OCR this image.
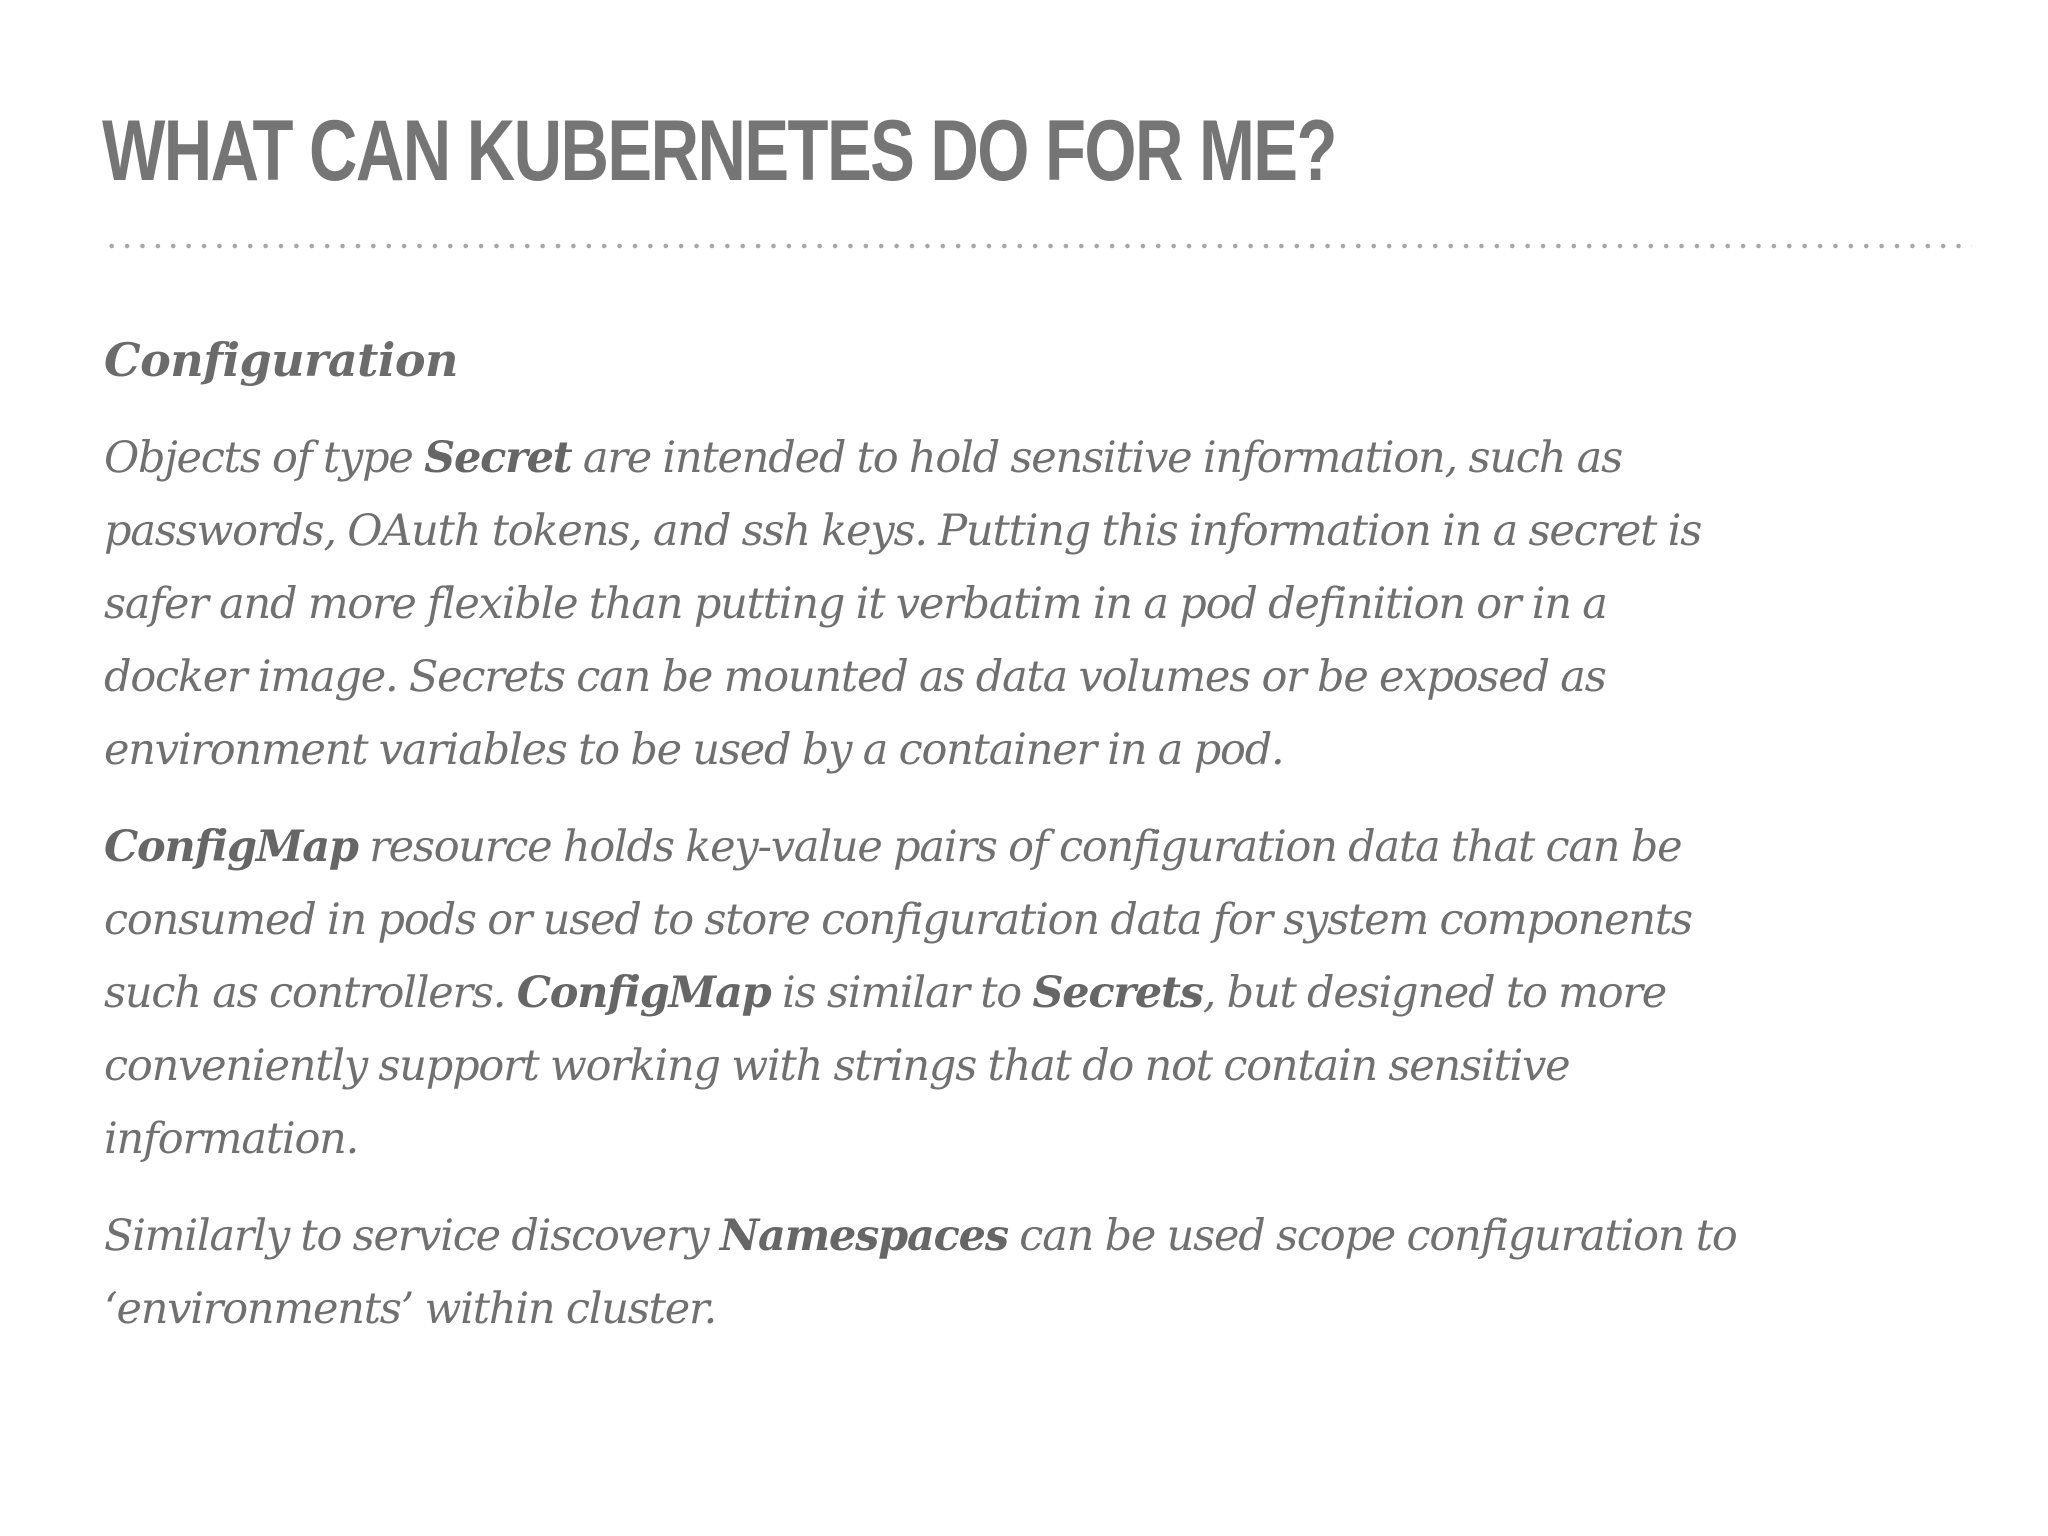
WHAT CAN KUBERNETES DO FOR ME?
Configuration
Objects of type Secret are intended to hold sensitive information, such as
passwords, OAuth tokens, and ssh keys. Putting this information in a secret is
safer and more flexible than putting it verbatim in a pod definition or in a
docker image. Secrets can be mounted as data volumes or be exposed as
environment variables to be used by a container in a pod.
ConfigMap resource holds key-value pairs of configuration data that can be
consumed in pods or used to store configuration data for system components
such as controllers. ConfigMap is similar to Secrets, but designed to more
conveniently support working with strings that do not contain sensitive
information.
Similarly to service discovery Namespaces can be used scope configuration to
‘environments’ within cluster.
